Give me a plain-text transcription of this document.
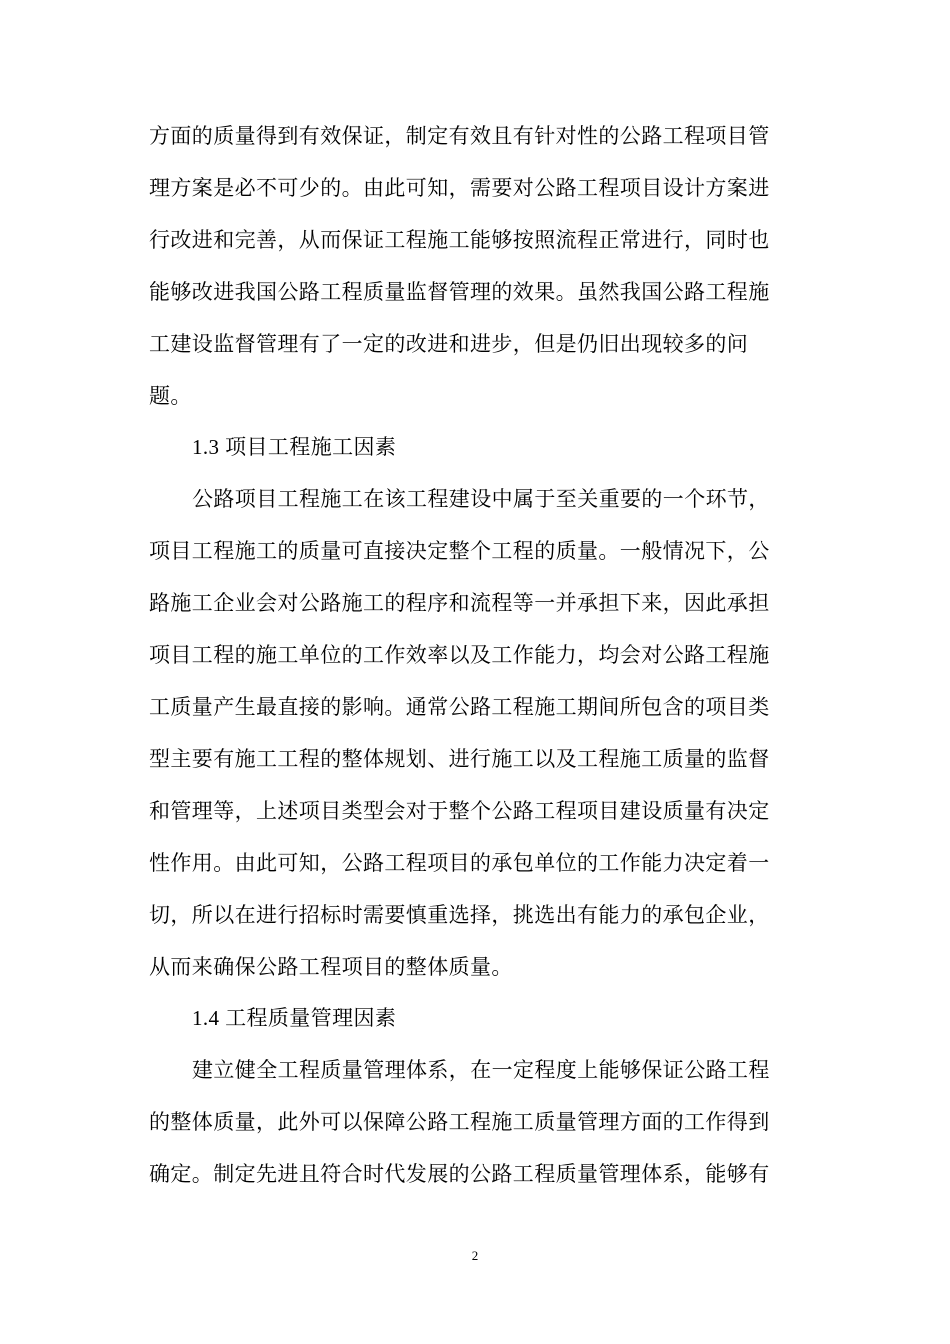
方面的质量得到有效保证，制定有效且有针对性的公路工程项目管
理方案是必不可少的。由此可知，需要对公路工程项目设计方案进
行改进和完善，从而保证工程施工能够按照流程正常进行，同时也
能够改进我国公路工程质量监督管理的效果。虽然我国公路工程施
工建设监督管理有了一定的改进和进步，但是仍旧出现较多的问
题。
1.3 项目工程施工因素
公路项目工程施工在该工程建设中属于至关重要的一个环节，
项目工程施工的质量可直接决定整个工程的质量。一般情况下，公
路施工企业会对公路施工的程序和流程等一并承担下来，因此承担
项目工程的施工单位的工作效率以及工作能力，均会对公路工程施
工质量产生最直接的影响。通常公路工程施工期间所包含的项目类
型主要有施工工程的整体规划、进行施工以及工程施工质量的监督
和管理等，上述项目类型会对于整个公路工程项目建设质量有决定
性作用。由此可知，公路工程项目的承包单位的工作能力决定着一
切，所以在进行招标时需要慎重选择，挑选出有能力的承包企业，
从而来确保公路工程项目的整体质量。
1.4 工程质量管理因素
建立健全工程质量管理体系，在一定程度上能够保证公路工程
的整体质量，此外可以保障公路工程施工质量管理方面的工作得到
确定。制定先进且符合时代发展的公路工程质量管理体系，能够有
2
